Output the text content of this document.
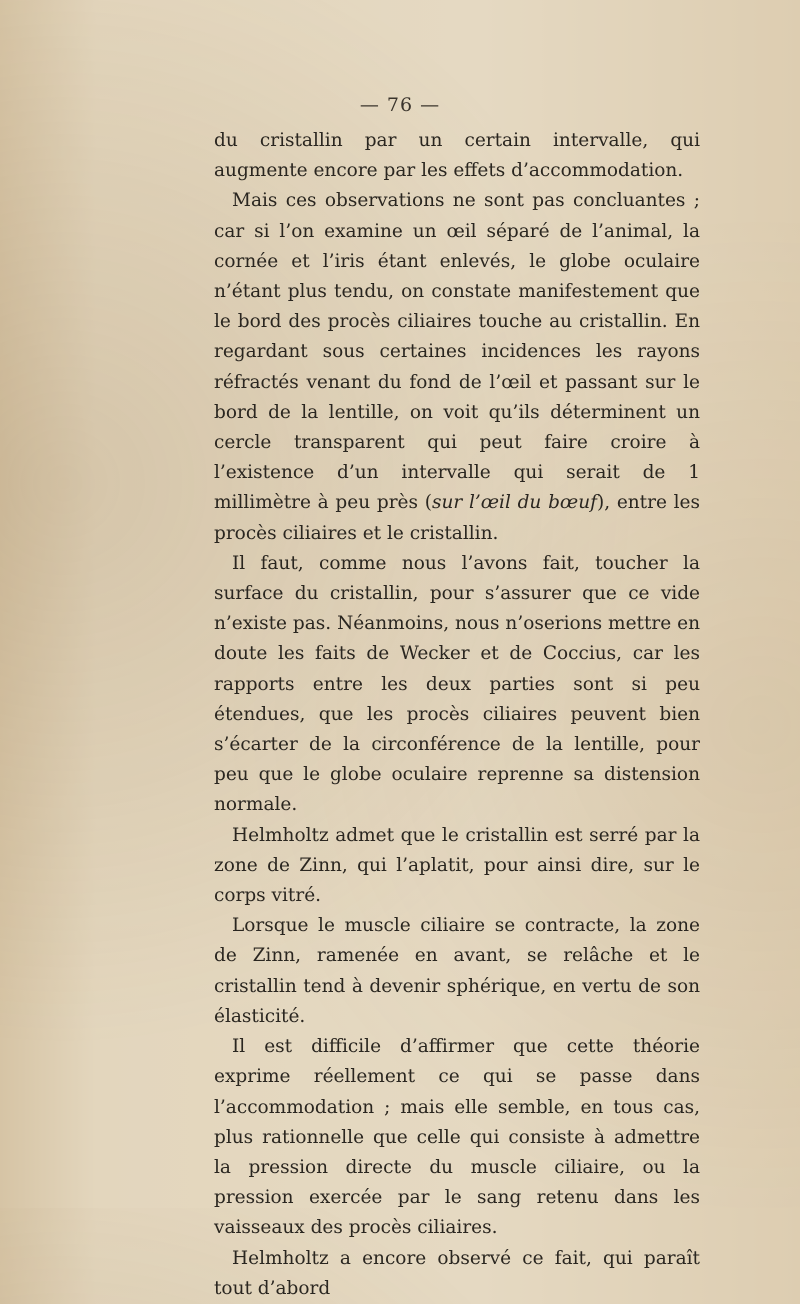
— 76 —

du cristallin par un certain intervalle, qui augmente encore par les effets d’accommodation.

Mais ces observations ne sont pas concluantes ; car si l’on examine un œil séparé de l’animal, la cornée et l’iris étant enlevés, le globe oculaire n’étant plus tendu, on constate manifestement que le bord des procès ciliaires touche au cristallin. En regardant sous certaines incidences les rayons réfractés venant du fond de l’œil et passant sur le bord de la lentille, on voit qu’ils déterminent un cercle transparent qui peut faire croire à l’existence d’un intervalle qui serait de 1 millimètre à peu près (sur l’œil du bœuf), entre les procès ciliaires et le cristallin.

Il faut, comme nous l’avons fait, toucher la surface du cristallin, pour s’assurer que ce vide n’existe pas. Néanmoins, nous n’oserions mettre en doute les faits de Wecker et de Coccius, car les rapports entre les deux parties sont si peu étendues, que les procès ciliaires peuvent bien s’écarter de la circonférence de la lentille, pour peu que le globe oculaire reprenne sa distension normale.

Helmholtz admet que le cristallin est serré par la zone de Zinn, qui l’aplatit, pour ainsi dire, sur le corps vitré.

Lorsque le muscle ciliaire se contracte, la zone de Zinn, ramenée en avant, se relâche et le cristallin tend à devenir sphérique, en vertu de son élasticité.

Il est difficile d’affirmer que cette théorie exprime réellement ce qui se passe dans l’accommodation ; mais elle semble, en tous cas, plus rationnelle que celle qui consiste à admettre la pression directe du muscle ciliaire, ou la pression exercée par le sang retenu dans les vaisseaux des procès ciliaires.

Helmholtz a encore observé ce fait, qui paraît tout d’abord
